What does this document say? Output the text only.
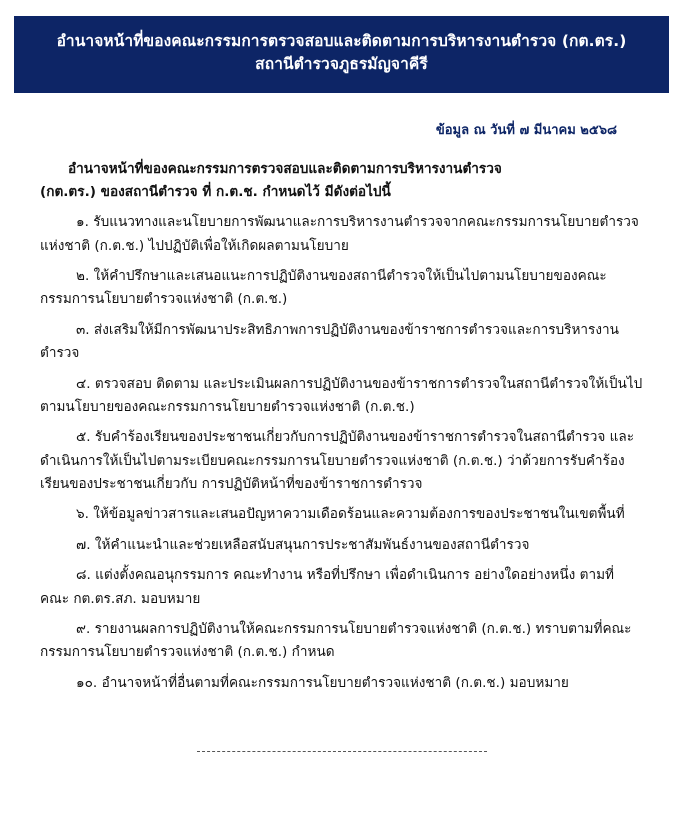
อำนาจหน้าที่ของคณะกรรมการตรวจสอบและติดตามการบริหารงานตำรวจ (กต.ตร.)
สถานีตำรวจภูธรมัญจาคีรี
ข้อมูล ณ วันที่ ๗ มีนาคม ๒๕๖๘
อำนาจหน้าที่ของคณะกรรมการตรวจสอบและติดตามการบริหารงานตำรวจ
(กต.ตร.) ของสถานีตำรวจ ที่ ก.ต.ช. กำหนดไว้ มีดังต่อไปนี้
๑. รับแนวทางและนโยบายการพัฒนาและการบริหารงานตำรวจจากคณะกรรมการนโยบายตำรวจแห่งชาติ (ก.ต.ช.) ไปปฏิบัติเพื่อให้เกิดผลตามนโยบาย
๒. ให้คำปรึกษาและเสนอแนะการปฏิบัติงานของสถานีตำรวจให้เป็นไปตามนโยบายของคณะกรรมการนโยบายตำรวจแห่งชาติ (ก.ต.ช.)
๓. ส่งเสริมให้มีการพัฒนาประสิทธิภาพการปฏิบัติงานของข้าราชการตำรวจและการบริหารงานตำรวจ
๔. ตรวจสอบ ติดตาม และประเมินผลการปฏิบัติงานของข้าราชการตำรวจในสถานีตำรวจให้เป็นไปตามนโยบายของคณะกรรมการนโยบายตำรวจแห่งชาติ (ก.ต.ช.)
๕. รับคำร้องเรียนของประชาชนเกี่ยวกับการปฏิบัติงานของข้าราชการตำรวจในสถานีตำรวจ และดำเนินการให้เป็นไปตามระเบียบคณะกรรมการนโยบายตำรวจแห่งชาติ (ก.ต.ช.) ว่าด้วยการรับคำร้องเรียนของประชาชนเกี่ยวกับ การปฏิบัติหน้าที่ของข้าราชการตำรวจ
๖. ให้ข้อมูลข่าวสารและเสนอปัญหาความเดือดร้อนและความต้องการของประชาชนในเขตพื้นที่
๗. ให้คำแนะนำและช่วยเหลือสนับสนุนการประชาสัมพันธ์งานของสถานีตำรวจ
๘. แต่งตั้งคณอนุกรรมการ คณะทำงาน หรือที่ปรึกษา เพื่อดำเนินการ อย่างใดอย่างหนึ่ง ตามที่ คณะ กต.ตร.สภ. มอบหมาย
๙. รายงานผลการปฏิบัติงานให้คณะกรรมการนโยบายตำรวจแห่งชาติ (ก.ต.ช.) ทราบตามที่คณะกรรมการนโยบายตำรวจแห่งชาติ (ก.ต.ช.) กำหนด
๑๐. อำนาจหน้าที่อื่นตามที่คณะกรรมการนโยบายตำรวจแห่งชาติ (ก.ต.ช.) มอบหมาย
